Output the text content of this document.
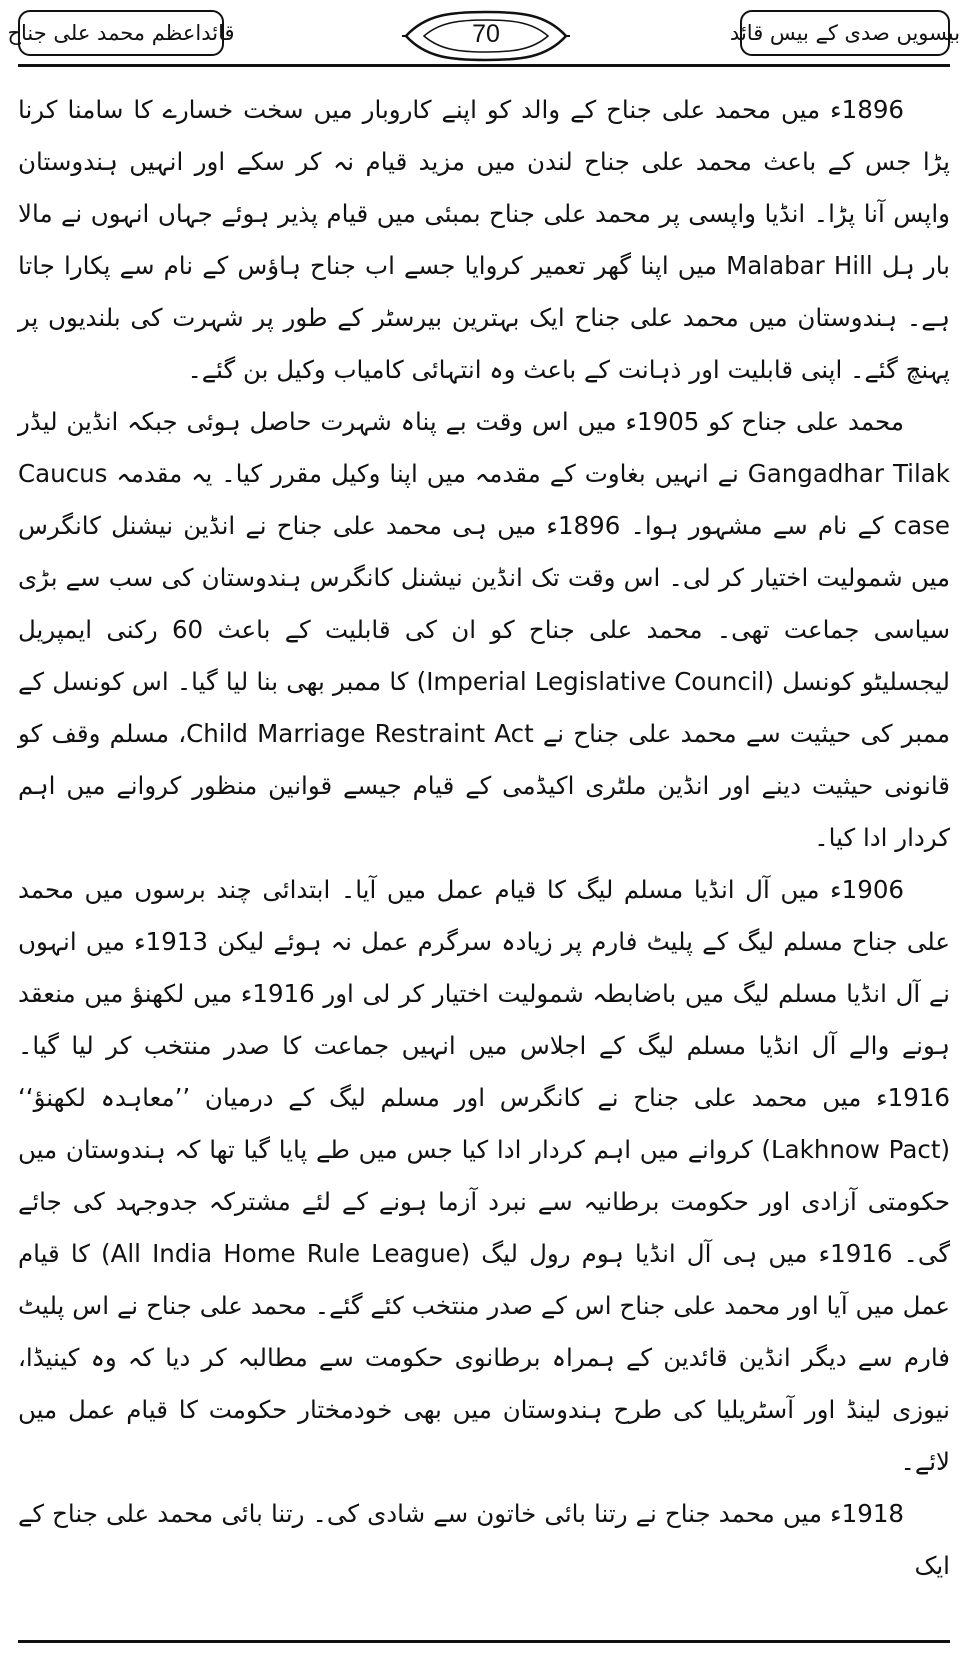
قائداعظم محمد علی جناح	70	بیسویں صدی کے بیس قائد

1896ء میں محمد علی جناح کے والد کو اپنے کاروبار میں سخت خسارے کا سامنا کرنا پڑا جس کے باعث محمد علی جناح لندن میں مزید قیام نہ کر سکے اور انہیں ہندوستان واپس آنا پڑا۔ انڈیا واپسی پر محمد علی جناح بمبئی میں قیام پذیر ہوئے جہاں انہوں نے مالا بار ہل Malabar Hill میں اپنا گھر تعمیر کروایا جسے اب جناح ہاؤس کے نام سے پکارا جاتا ہے۔ ہندوستان میں محمد علی جناح ایک بہترین بیرسٹر کے طور پر شہرت کی بلندیوں پر پہنچ گئے۔ اپنی قابلیت اور ذہانت کے باعث وہ انتہائی کامیاب وکیل بن گئے۔

محمد علی جناح کو 1905ء میں اس وقت بے پناہ شہرت حاصل ہوئی جبکہ انڈین لیڈر Gangadhar Tilak نے انہیں بغاوت کے مقدمہ میں اپنا وکیل مقرر کیا۔ یہ مقدمہ Caucus case کے نام سے مشہور ہوا۔ 1896ء میں ہی محمد علی جناح نے انڈین نیشنل کانگرس میں شمولیت اختیار کر لی۔ اس وقت تک انڈین نیشنل کانگرس ہندوستان کی سب سے بڑی سیاسی جماعت تھی۔ محمد علی جناح کو ان کی قابلیت کے باعث 60 رکنی ایمپریل لیجسلیٹو کونسل (Imperial Legislative Council) کا ممبر بھی بنا لیا گیا۔ اس کونسل کے ممبر کی حیثیت سے محمد علی جناح نے Child Marriage Restraint Act، مسلم وقف کو قانونی حیثیت دینے اور انڈین ملٹری اکیڈمی کے قیام جیسے قوانین منظور کروانے میں اہم کردار ادا کیا۔

1906ء میں آل انڈیا مسلم لیگ کا قیام عمل میں آیا۔ ابتدائی چند برسوں میں محمد علی جناح مسلم لیگ کے پلیٹ فارم پر زیادہ سرگرم عمل نہ ہوئے لیکن 1913ء میں انہوں نے آل انڈیا مسلم لیگ میں باضابطہ شمولیت اختیار کر لی اور 1916ء میں لکھنؤ میں منعقد ہونے والے آل انڈیا مسلم لیگ کے اجلاس میں انہیں جماعت کا صدر منتخب کر لیا گیا۔ 1916ء میں محمد علی جناح نے کانگرس اور مسلم لیگ کے درمیان ’’معاہدہ لکھنؤ‘‘ (Lakhnow Pact) کروانے میں اہم کردار ادا کیا جس میں طے پایا گیا تھا کہ ہندوستان میں حکومتی آزادی اور حکومت برطانیہ سے نبرد آزما ہونے کے لئے مشترکہ جدوجہد کی جائے گی۔ 1916ء میں ہی آل انڈیا ہوم رول لیگ (All India Home Rule League) کا قیام عمل میں آیا اور محمد علی جناح اس کے صدر منتخب کئے گئے۔ محمد علی جناح نے اس پلیٹ فارم سے دیگر انڈین قائدین کے ہمراہ برطانوی حکومت سے مطالبہ کر دیا کہ وہ کینیڈا، نیوزی لینڈ اور آسٹریلیا کی طرح ہندوستان میں بھی خودمختار حکومت کا قیام عمل میں لائے۔

1918ء میں محمد جناح نے رتنا بائی خاتون سے شادی کی۔ رتنا بائی محمد علی جناح کے ایک
